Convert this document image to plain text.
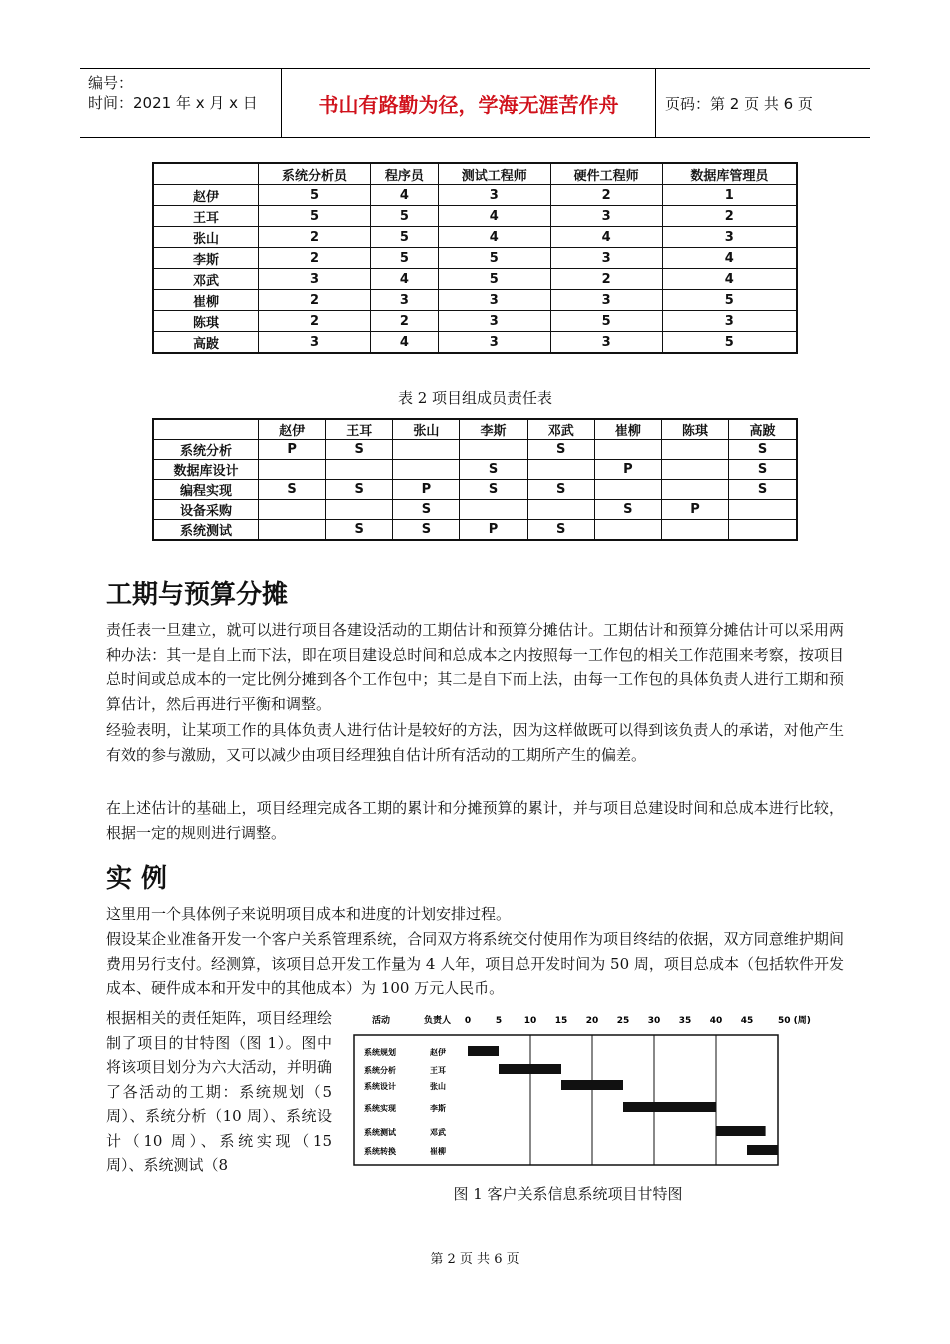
编号：
时间：2021 年 x 月 x 日	书山有路勤为径，学海无涯苦作舟	页码：第 2 页 共 6 页
	系统分析员	程序员	测试工程师	硬件工程师	数据库管理员
赵伊	5	4	3	2	1
王耳	5	5	4	3	2
张山	2	5	4	4	3
李斯	2	5	5	3	4
邓武	3	4	5	2	4
崔柳	2	3	3	3	5
陈琪	2	2	3	5	3
高跛	3	4	3	3	5
表 2 项目组成员责任表
	赵伊	王耳	张山	李斯	邓武	崔柳	陈琪	高跛
系统分析	P	S			S			S
数据库设计				S		P		S
编程实现	S	S	P	S	S			S
设备采购			S			S	P	
系统测试		S	S	P	S			
工期与预算分摊

责任表一旦建立，就可以进行项目各建设活动的工期估计和预算分摊估计。工期估计和预算分摊估计可以采用两种办法：其一是自上而下法，即在项目建设总时间和总成本之内按照每一工作包的相关工作范围来考察，按项目总时间或总成本的一定比例分摊到各个工作包中；其二是自下而上法，由每一工作包的具体负责人进行工期和预算估计，然后再进行平衡和调整。

经验表明，让某项工作的具体负责人进行估计是较好的方法，因为这样做既可以得到该负责人的承诺，对他产生有效的参与激励，又可以减少由项目经理独自估计所有活动的工期所产生的偏差。

在上述估计的基础上，项目经理完成各工期的累计和分摊预算的累计，并与项目总建设时间和总成本进行比较，根据一定的规则进行调整。

实 例

这里用一个具体例子来说明项目成本和进度的计划安排过程。

假设某企业准备开发一个客户关系管理系统，合同双方将系统交付使用作为项目终结的依据，双方同意维护期间费用另行支付。经测算，该项目总开发工作量为 4 人年，项目总开发时间为 50 周，项目总成本（包括软件开发成本、硬件成本和开发中的其他成本）为 100 万元人民币。

根据相关的责任矩阵，项目经理绘制了项目的甘特图（图 1）。图中将该项目划分为六大活动，并明确了各活动的工期：系统规划（5 周）、系统分析（10 周）、系统设计（10 周）、系统实现（15 周）、系统测试（8

活动	负责人 0	5 10 15 20 25 30 35 40 45	50 (周)
系统规划	赵伊
系统分析	王耳
系统设计	张山
系统实现	李斯
系统测试	邓武
系统转换	崔柳
图 1 客户关系信息系统项目甘特图
第 2 页 共 6 页
